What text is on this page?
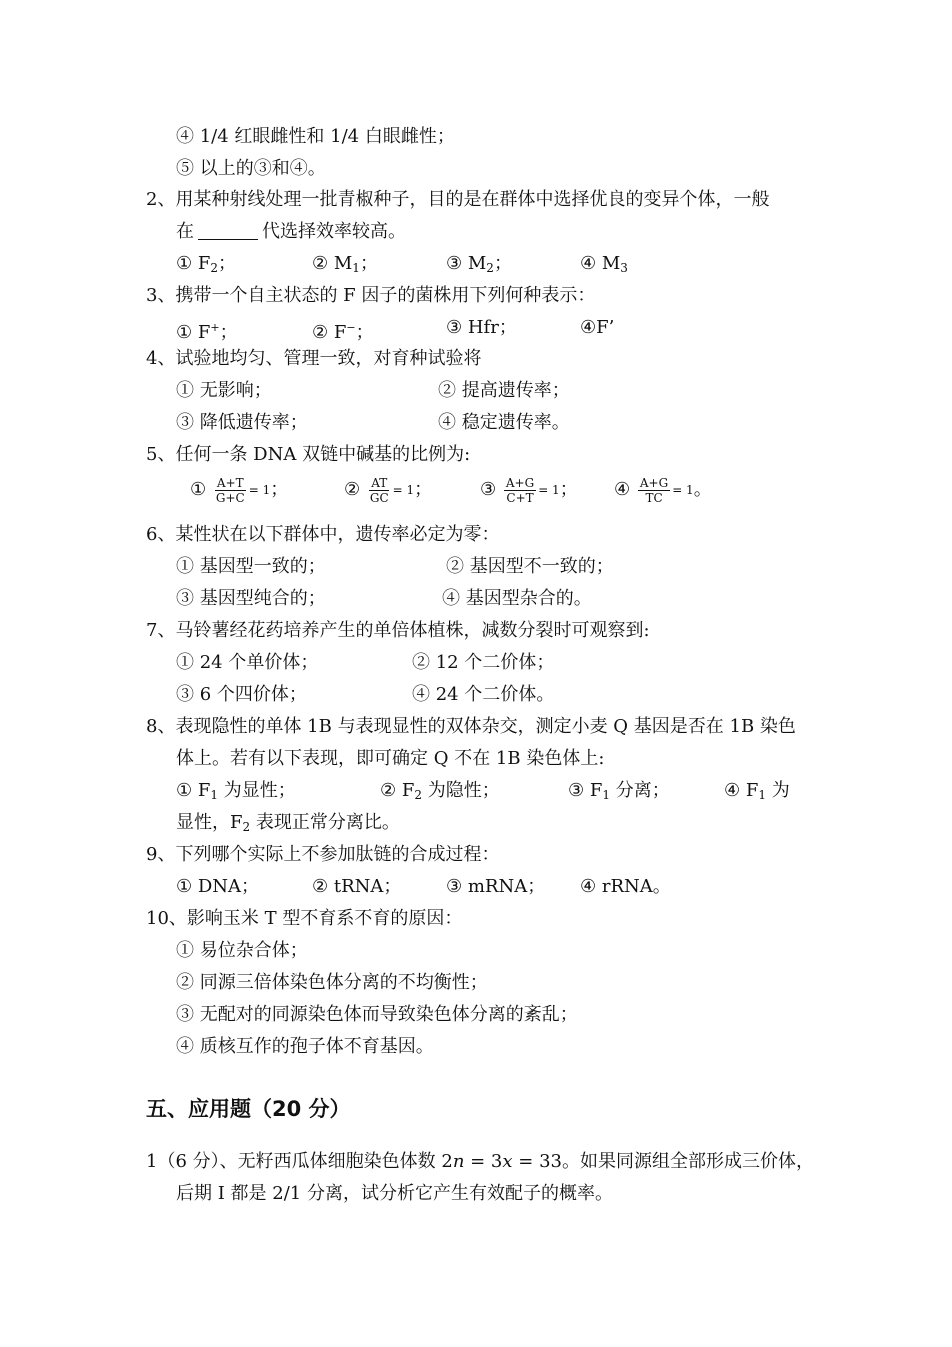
④ 1/4 红眼雌性和 1/4 白眼雌性；
⑤ 以上的③和④。
2、用某种射线处理一批青椒种子，目的是在群体中选择优良的变异个体，一般
在	代选择效率较高。
① $F_2$；	② $M_1$；	③ $M_2$；	④ $M_3$
3、携带一个自主状态的 F 因子的菌株用下列何种表示：
① F+；	② F−；	③ Hfr；	④F’
4、试验地均匀、管理一致，对育种试验将
① 无影响；	② 提高遗传率；
③ 降低遗传率；	④ 稳定遗传率。
5、任何一条 DNA 双链中碱基的比例为:
① $\frac{A+T}{G+C} = 1$；	② $\frac{AT}{GC} = 1$；	③ $\frac{A+G}{C+T} = 1$； ④ $\frac{A+G}{TC} = 1$。
6、某性状在以下群体中，遗传率必定为零：
① 基因型一致的；	② 基因型不一致的；
③ 基因型纯合的；	④ 基因型杂合的。
7、马铃薯经花药培养产生的单倍体植株，减数分裂时可观察到:
① 24 个单价体；	② 12 个二价体；
③ 6 个四价体；	④ 24 个二价体。
8、表现隐性的单体 1B 与表现显性的双体杂交，测定小麦 Q 基因是否在 1B 染色
体上。若有以下表现，即可确定 Q 不在 1B 染色体上:
① $F_1$ 为显性；	② $F_2$ 为隐性；	③ $F_1$ 分离；	④ $F_1$ 为
显性，$F_2$ 表现正常分离比。
9、下列哪个实际上不参加肽链的合成过程：
① DNA；	② tRNA； ③ mRNA； ④ rRNA。
10、影响玉米 T 型不育系不育的原因：
① 易位杂合体；
② 同源三倍体染色体分离的不均衡性；
③ 无配对的同源染色体而导致染色体分离的紊乱；
④ 质核互作的孢子体不育基因。
五、应用题（20 分）
1（6 分）、无籽西瓜体细胞染色体数 2n = 3x = 33。如果同源组全部形成三价体，
后期 I 都是 2/1 分离，试分析它产生有效配子的概率。
